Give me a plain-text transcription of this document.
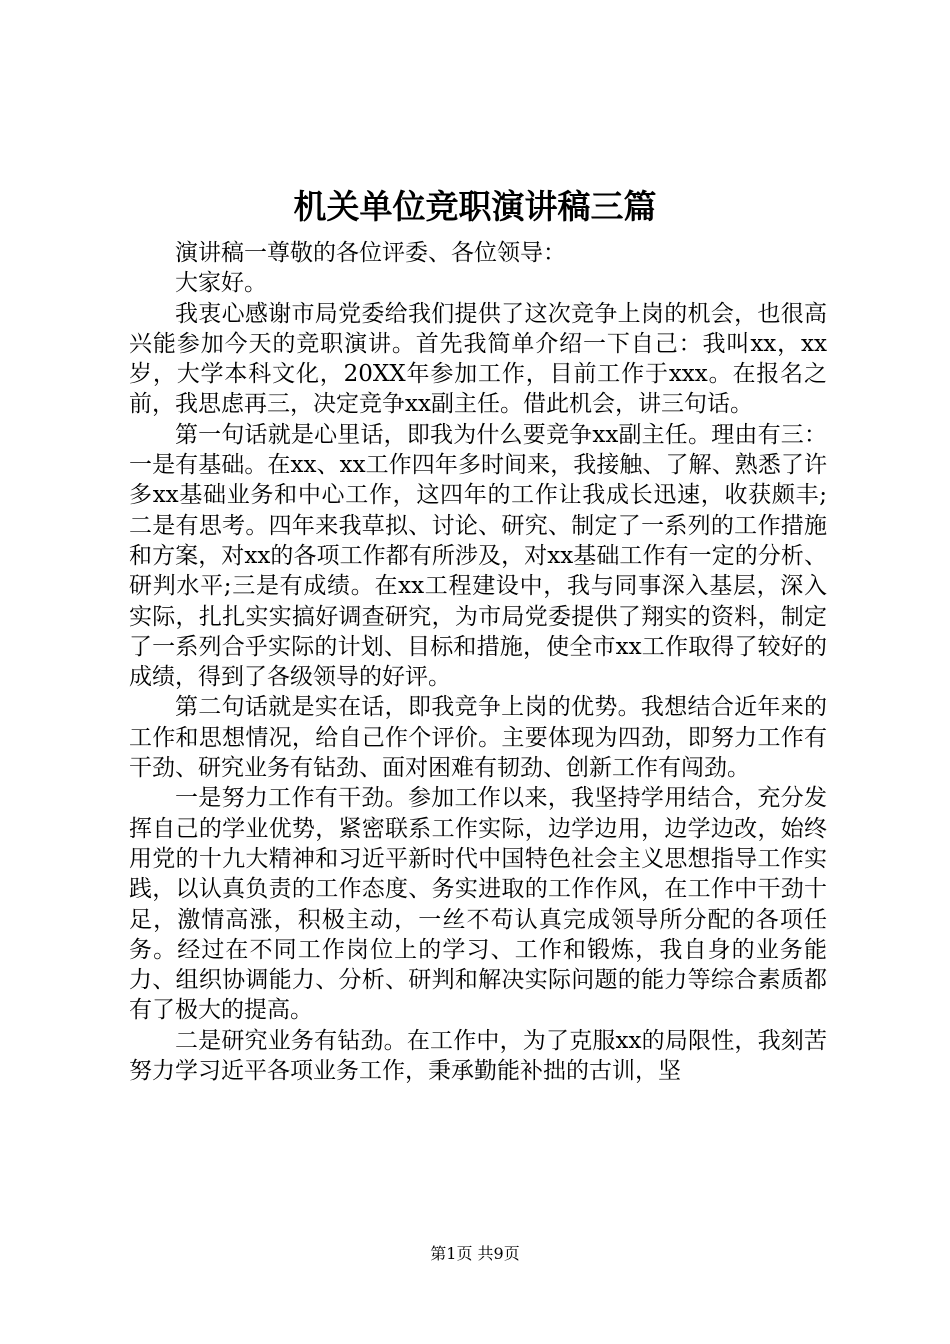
机关单位竞职演讲稿三篇

演讲稿一尊敬的各位评委、各位领导：

大家好。

我衷心感谢市局党委给我们提供了这次竞争上岗的机会，也很高兴能参加今天的竞职演讲。首先我简单介绍一下自己：我叫xx，xx岁，大学本科文化，20XX年参加工作，目前工作于xxx。在报名之前，我思虑再三，决定竞争xx副主任。借此机会，讲三句话。

第一句话就是心里话，即我为什么要竞争xx副主任。理由有三：一是有基础。在xx、xx工作四年多时间来，我接触、了解、熟悉了许多xx基础业务和中心工作，这四年的工作让我成长迅速，收获颇丰;二是有思考。四年来我草拟、讨论、研究、制定了一系列的工作措施和方案，对xx的各项工作都有所涉及，对xx基础工作有一定的分析、研判水平;三是有成绩。在xx工程建设中，我与同事深入基层，深入实际，扎扎实实搞好调查研究，为市局党委提供了翔实的资料，制定了一系列合乎实际的计划、目标和措施，使全市xx工作取得了较好的成绩，得到了各级领导的好评。

第二句话就是实在话，即我竞争上岗的优势。我想结合近年来的工作和思想情况，给自己作个评价。主要体现为四劲，即努力工作有干劲、研究业务有钻劲、面对困难有韧劲、创新工作有闯劲。

一是努力工作有干劲。参加工作以来，我坚持学用结合，充分发挥自己的学业优势，紧密联系工作实际，边学边用，边学边改，始终用党的十九大精神和习近平新时代中国特色社会主义思想指导工作实践，以认真负责的工作态度、务实进取的工作作风，在工作中干劲十足，激情高涨，积极主动，一丝不苟认真完成领导所分配的各项任务。经过在不同工作岗位上的学习、工作和锻炼，我自身的业务能力、组织协调能力、分析、研判和解决实际问题的能力等综合素质都有了极大的提高。

二是研究业务有钻劲。在工作中，为了克服xx的局限性，我刻苦努力学习近平各项业务工作，秉承勤能补拙的古训，坚

第1页 共9页
